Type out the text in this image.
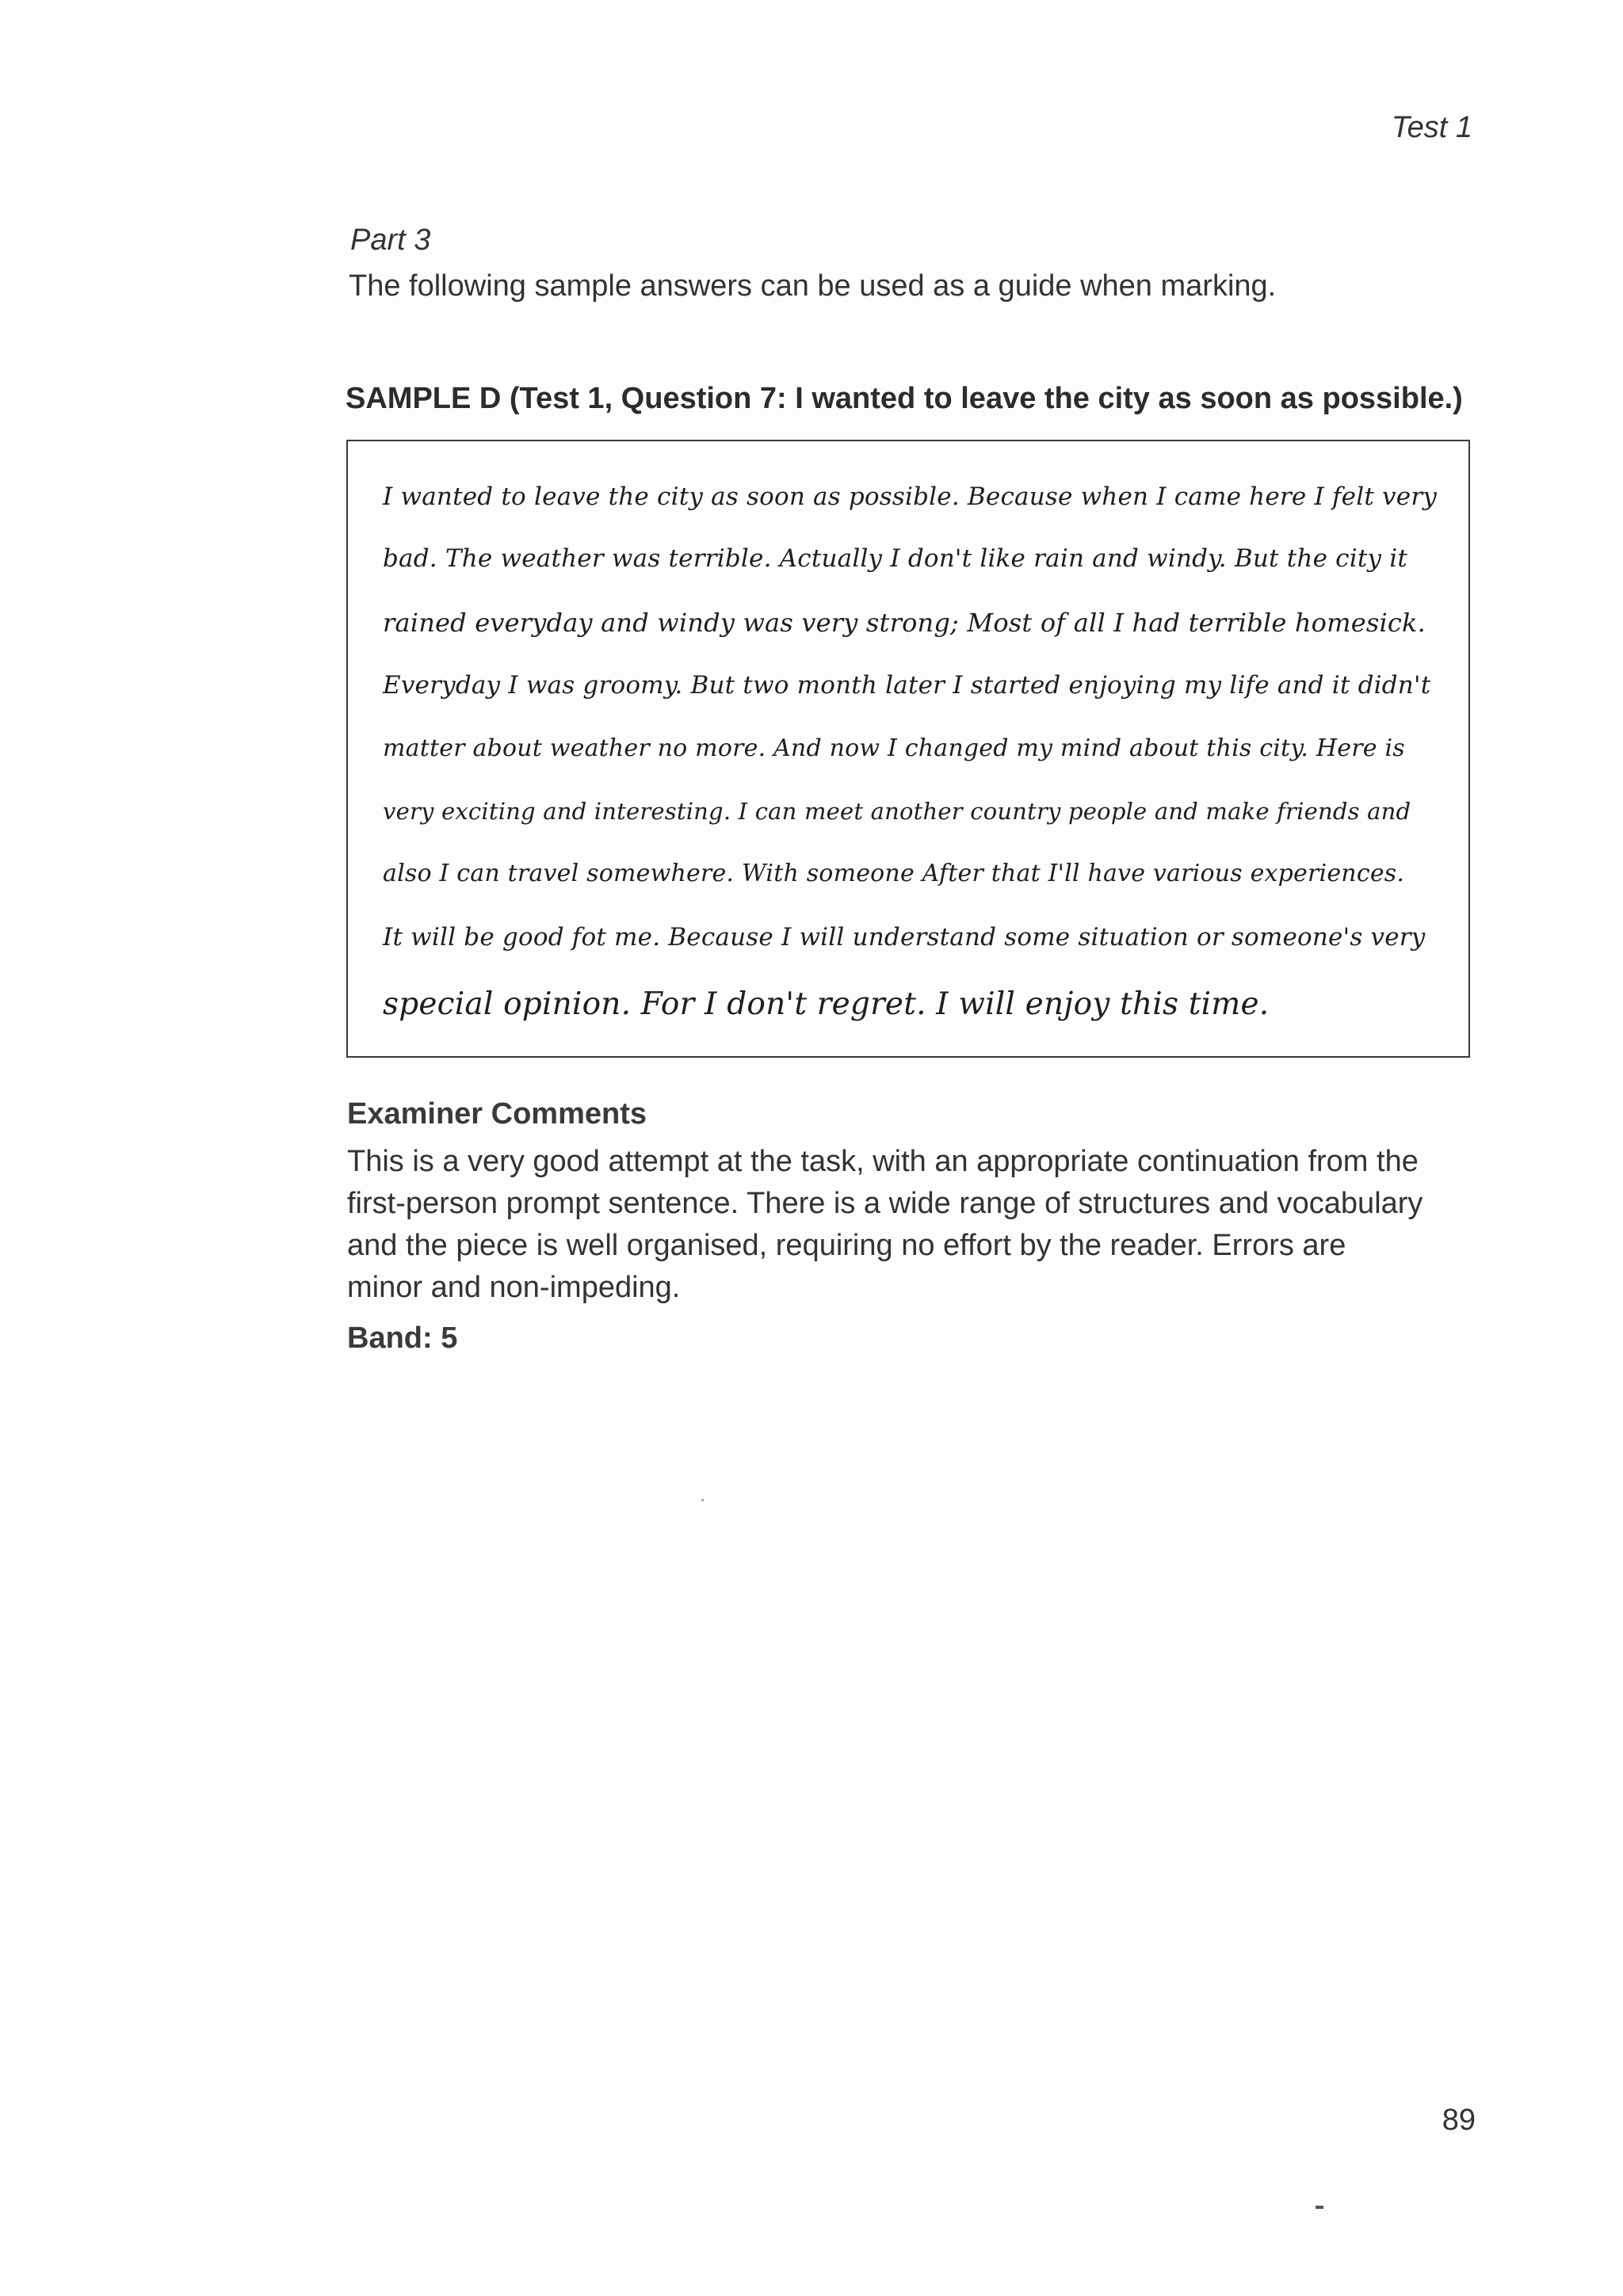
Test 1
Part 3
The following sample answers can be used as a guide when marking.
SAMPLE D (Test 1, Question 7: I wanted to leave the city as soon as possible.)
I wanted to leave the city as soon as possible. Because when I came here I felt very
bad. The weather was terrible. Actually I don't like rain and windy. But the city it
rained everyday and windy was very strong; Most of all I had terrible homesick.
Everyday I was groomy. But two month later I started enjoying my life and it didn't
matter about weather no more. And now I changed my mind about this city. Here is
very exciting and interesting. I can meet another country people and make friends and
also I can travel somewhere. With someone After that I'll have various experiences.
It will be good fot me. Because I will understand some situation or someone's very
special opinion. For I don't regret. I will enjoy this time.
Examiner Comments
This is a very good attempt at the task, with an appropriate continuation from the
first-person prompt sentence. There is a wide range of structures and vocabulary
and the piece is well organised, requiring no effort by the reader. Errors are
minor and non-impeding.
Band: 5
89
